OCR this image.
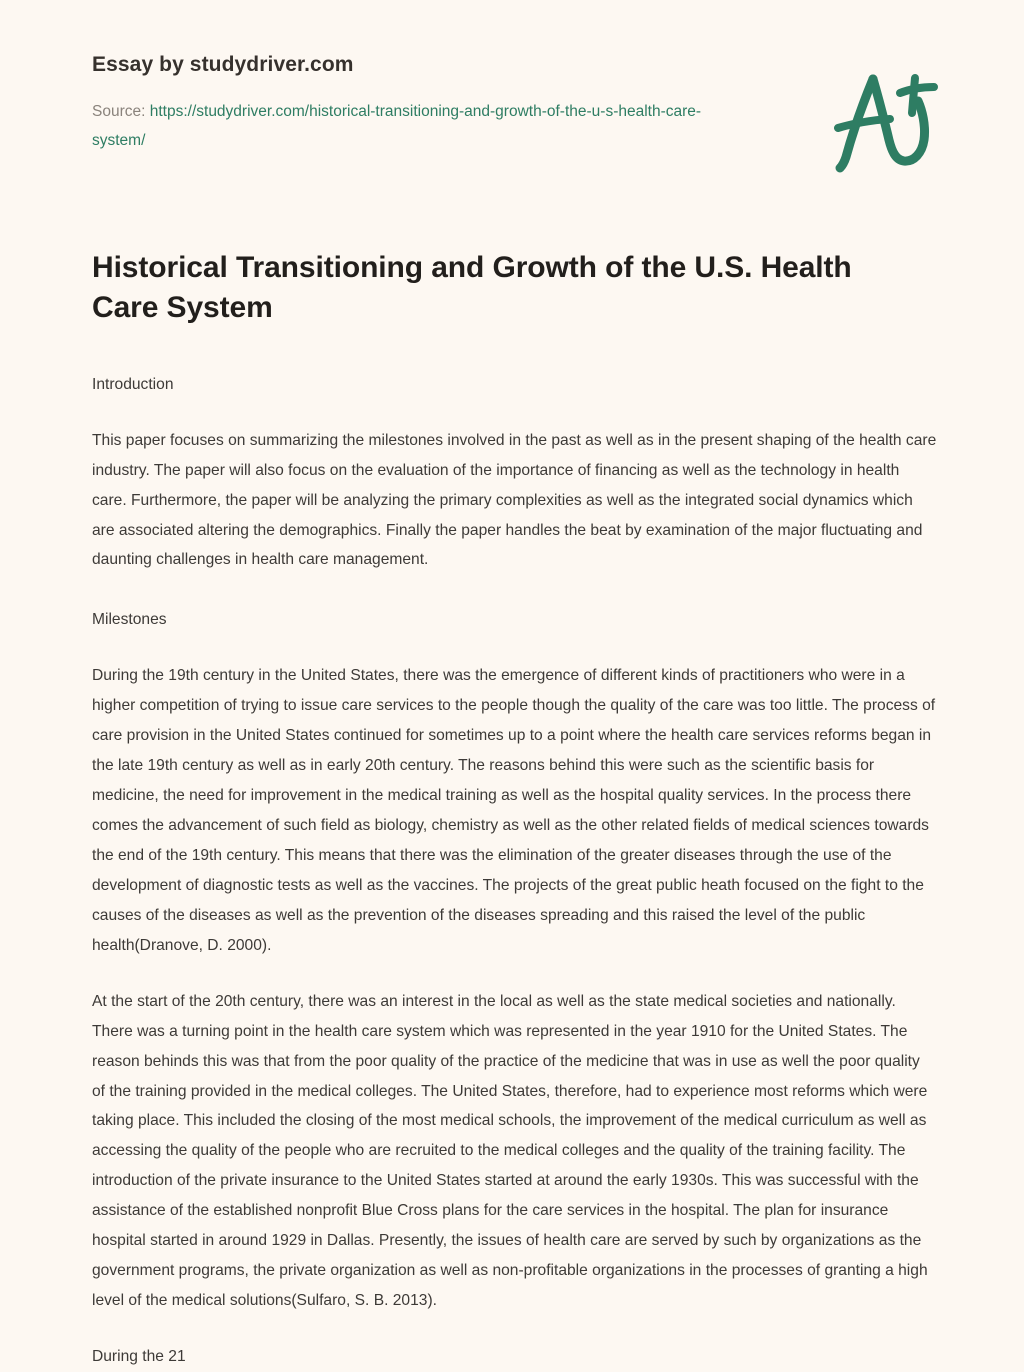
Essay by studydriver.com
Source: https://studydriver.com/historical-transitioning-and-growth-of-the-u-s-health-care-system/
Historical Transitioning and Growth of the U.S. Health Care System

Introduction

This paper focuses on summarizing the milestones involved in the past as well as in the present shaping of the health care industry. The paper will also focus on the evaluation of the importance of financing as well as the technology in health care. Furthermore, the paper will be analyzing the primary complexities as well as the integrated social dynamics which are associated altering the demographics. Finally the paper handles the beat by examination of the major fluctuating and daunting challenges in health care management.

Milestones

During the 19th century in the United States, there was the emergence of different kinds of practitioners who were in a higher competition of trying to issue care services to the people though the quality of the care was too little. The process of care provision in the United States continued for sometimes up to a point where the health care services reforms began in the late 19th century as well as in early 20th century. The reasons behind this were such as the scientific basis for medicine, the need for improvement in the medical training as well as the hospital quality services. In the process there comes the advancement of such field as biology, chemistry as well as the other related fields of medical sciences towards the end of the 19th century. This means that there was the elimination of the greater diseases through the use of the development of diagnostic tests as well as the vaccines. The projects of the great public heath focused on the fight to the causes of the diseases as well as the prevention of the diseases spreading and this raised the level of the public health(Dranove, D. 2000).

At the start of the 20th century, there was an interest in the local as well as the state medical societies and nationally. There was a turning point in the health care system which was represented in the year 1910 for the United States. The reason behinds this was that from the poor quality of the practice of the medicine that was in use as well the poor quality of the training provided in the medical colleges. The United States, therefore, had to experience most reforms which were taking place. This included the closing of the most medical schools, the improvement of the medical curriculum as well as accessing the quality of the people who are recruited to the medical colleges and the quality of the training facility. The introduction of the private insurance to the United States started at around the early 1930s. This was successful with the assistance of the established nonprofit Blue Cross plans for the care services in the hospital. The plan for insurance hospital started in around 1929 in Dallas. Presently, the issues of health care are served by such by organizations as the government programs, the private organization as well as non-profitable organizations in the processes of granting a high level of the medical solutions(Sulfaro, S. B. 2013).

During the 21
